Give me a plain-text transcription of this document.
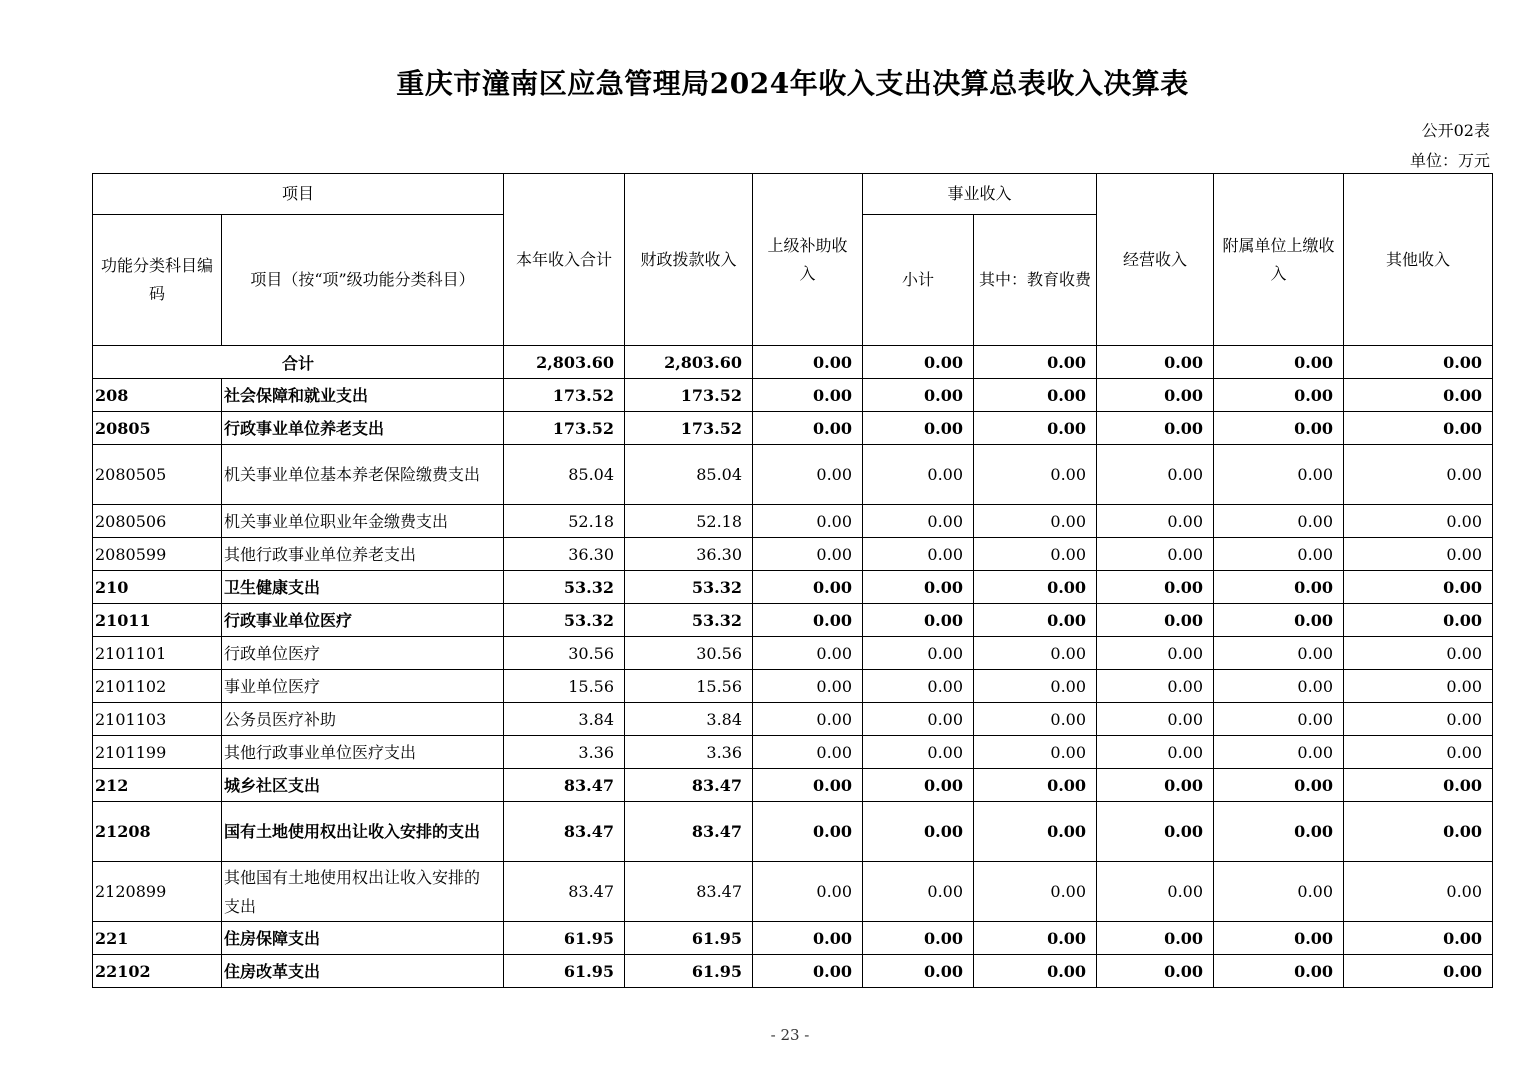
重庆市潼南区应急管理局2024年收入支出决算总表收入决算表
公开02表
单位：万元
项目		本年收入合计	财政拨款收入	上级补助收入	事业收入		经营收入	附属单位上缴收入	其他收入
功能分类科目编码	项目（按“项”级功能分类科目）				小计	其中：教育收费			
合计		2,803.60	2,803.60	0.00	0.00	0.00	0.00	0.00	0.00
208	社会保障和就业支出	173.52	173.52	0.00	0.00	0.00	0.00	0.00	0.00
20805	行政事业单位养老支出	173.52	173.52	0.00	0.00	0.00	0.00	0.00	0.00
2080505	机关事业单位基本养老保险缴费支出	85.04	85.04	0.00	0.00	0.00	0.00	0.00	0.00
2080506	机关事业单位职业年金缴费支出	52.18	52.18	0.00	0.00	0.00	0.00	0.00	0.00
2080599	其他行政事业单位养老支出	36.30	36.30	0.00	0.00	0.00	0.00	0.00	0.00
210	卫生健康支出	53.32	53.32	0.00	0.00	0.00	0.00	0.00	0.00
21011	行政事业单位医疗	53.32	53.32	0.00	0.00	0.00	0.00	0.00	0.00
2101101	行政单位医疗	30.56	30.56	0.00	0.00	0.00	0.00	0.00	0.00
2101102	事业单位医疗	15.56	15.56	0.00	0.00	0.00	0.00	0.00	0.00
2101103	公务员医疗补助	3.84	3.84	0.00	0.00	0.00	0.00	0.00	0.00
2101199	其他行政事业单位医疗支出	3.36	3.36	0.00	0.00	0.00	0.00	0.00	0.00
212	城乡社区支出	83.47	83.47	0.00	0.00	0.00	0.00	0.00	0.00
21208	国有土地使用权出让收入安排的支出	83.47	83.47	0.00	0.00	0.00	0.00	0.00	0.00
2120899	其他国有土地使用权出让收入安排的支出	83.47	83.47	0.00	0.00	0.00	0.00	0.00	0.00
221	住房保障支出	61.95	61.95	0.00	0.00	0.00	0.00	0.00	0.00
22102	住房改革支出	61.95	61.95	0.00	0.00	0.00	0.00	0.00	0.00
- 23 -
